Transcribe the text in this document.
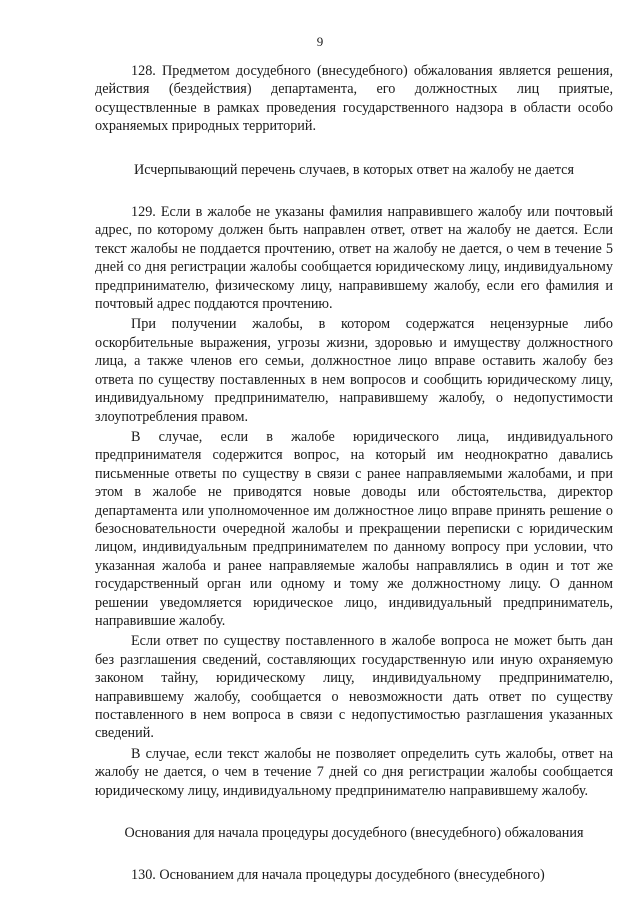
9

128. Предметом досудебного (внесудебного) обжалования является решения, действия (бездействия) департамента, его должностных лиц приятые, осуществленные в рамках проведения государственного надзора в области особо охраняемых природных территорий.

Исчерпывающий перечень случаев, в которых ответ на жалобу не дается

129. Если в жалобе не указаны фамилия направившего жалобу или почтовый адрес, по которому должен быть направлен ответ, ответ на жалобу не дается. Если текст жалобы не поддается прочтению, ответ на жалобу не дается, о чем в течение 5 дней со дня регистрации жалобы сообщается юридическому лицу, индивидуальному предпринимателю, физическому лицу, направившему жалобу, если его фамилия и почтовый адрес поддаются прочтению.

При получении жалобы, в котором содержатся нецензурные либо оскорбительные выражения, угрозы жизни, здоровью и имуществу должностного лица, а также членов его семьи, должностное лицо вправе оставить жалобу без ответа по существу поставленных в нем вопросов и сообщить юридическому лицу, индивидуальному предпринимателю, направившему жалобу, о недопустимости злоупотребления правом.

В случае, если в жалобе юридического лица, индивидуального предпринимателя содержится вопрос, на который им неоднократно давались письменные ответы по существу в связи с ранее направляемыми жалобами, и при этом в жалобе не приводятся новые доводы или обстоятельства, директор департамента или уполномоченное им должностное лицо вправе принять решение о безосновательности очередной жалобы и прекращении переписки с юридическим лицом, индивидуальным предпринимателем по данному вопросу при условии, что указанная жалоба и ранее направляемые жалобы направлялись в один и тот же государственный орган или одному и тому же должностному лицу. О данном решении уведомляется юридическое лицо, индивидуальный предприниматель, направившие жалобу.

Если ответ по существу поставленного в жалобе вопроса не может быть дан без разглашения сведений, составляющих государственную или иную охраняемую законом тайну, юридическому лицу, индивидуальному предпринимателю, направившему жалобу, сообщается о невозможности дать ответ по существу поставленного в нем вопроса в связи с недопустимостью разглашения указанных сведений.

В случае, если текст жалобы не позволяет определить суть жалобы, ответ на жалобу не дается, о чем в течение 7 дней со дня регистрации жалобы сообщается юридическому лицу, индивидуальному предпринимателю направившему жалобу.

Основания для начала процедуры досудебного (внесудебного) обжалования

130. Основанием для начала процедуры досудебного (внесудебного)
